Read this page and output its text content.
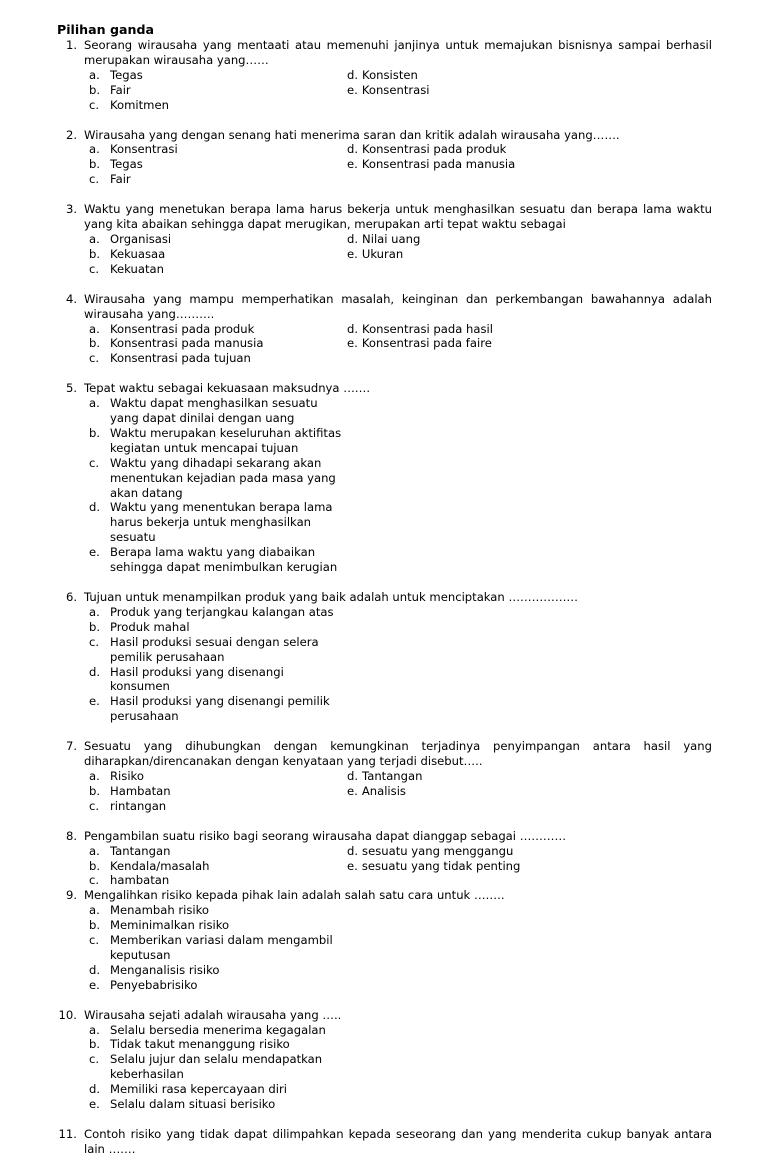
Pilihan ganda
1. Seorang wirausaha yang mentaati atau memenuhi janjinya untuk memajukan bisnisnya sampai berhasil merupakan wirausaha yang……
a. Tegas	d. Konsisten
b. Fair	e. Konsentrasi
c. Komitmen
2. Wirausaha yang dengan senang hati menerima saran dan kritik adalah wirausaha yang…….
a. Konsentrasi	d. Konsentrasi pada produk
b. Tegas	e. Konsentrasi pada manusia
c. Fair
3. Waktu yang menetukan berapa lama harus bekerja untuk menghasilkan sesuatu dan berapa lama waktu yang kita abaikan sehingga dapat merugikan, merupakan arti tepat waktu sebagai
a. Organisasi	d. Nilai uang
b. Kekuasaa	e. Ukuran
c. Kekuatan
4. Wirausaha yang mampu memperhatikan masalah, keinginan dan perkembangan bawahannya adalah wirausaha yang……….
a. Konsentrasi pada produk	d. Konsentrasi pada hasil
b. Konsentrasi pada manusia	e. Konsentrasi pada faire
c. Konsentrasi pada tujuan
5. Tepat waktu sebagai kekuasaan maksudnya …….
a. Waktu dapat menghasilkan sesuatu yang dapat dinilai dengan uang
b. Waktu merupakan keseluruhan aktifitas kegiatan untuk mencapai tujuan
c. Waktu yang dihadapi sekarang akan menentukan kejadian pada masa yang akan datang
d. Waktu yang menentukan berapa lama harus bekerja untuk menghasilkan sesuatu
e. Berapa lama waktu yang diabaikan sehingga dapat menimbulkan kerugian
6. Tujuan untuk menampilkan produk yang baik adalah untuk menciptakan ………………
a. Produk yang terjangkau kalangan atas
b. Produk mahal
c. Hasil produksi sesuai dengan selera pemilik perusahaan
d. Hasil produksi yang disenangi konsumen
e. Hasil produksi yang disenangi pemilik perusahaan
7. Sesuatu yang dihubungkan dengan kemungkinan terjadinya penyimpangan antara hasil yang diharapkan/direncanakan dengan kenyataan yang terjadi disebut…..
a. Risiko	d. Tantangan
b. Hambatan	e. Analisis
c. rintangan
8. Pengambilan suatu risiko bagi seorang wirausaha dapat dianggap sebagai …………
a. Tantangan	d. sesuatu yang menggangu
b. Kendala/masalah	e. sesuatu yang tidak penting
c. hambatan
9. Mengalihkan risiko kepada pihak lain adalah salah satu cara untuk ……..
a. Menambah risiko
b. Meminimalkan risiko
c. Memberikan variasi dalam mengambil keputusan
d. Menganalisis risiko
e. Penyebabrisiko
10. Wirausaha sejati adalah wirausaha yang …..
a. Selalu bersedia menerima kegagalan
b. Tidak takut menanggung risiko
c. Selalu jujur dan selalu mendapatkan keberhasilan
d. Memiliki rasa kepercayaan diri
e. Selalu dalam situasi berisiko
11. Contoh risiko yang tidak dapat dilimpahkan kepada seseorang dan yang menderita cukup banyak antara lain …….
